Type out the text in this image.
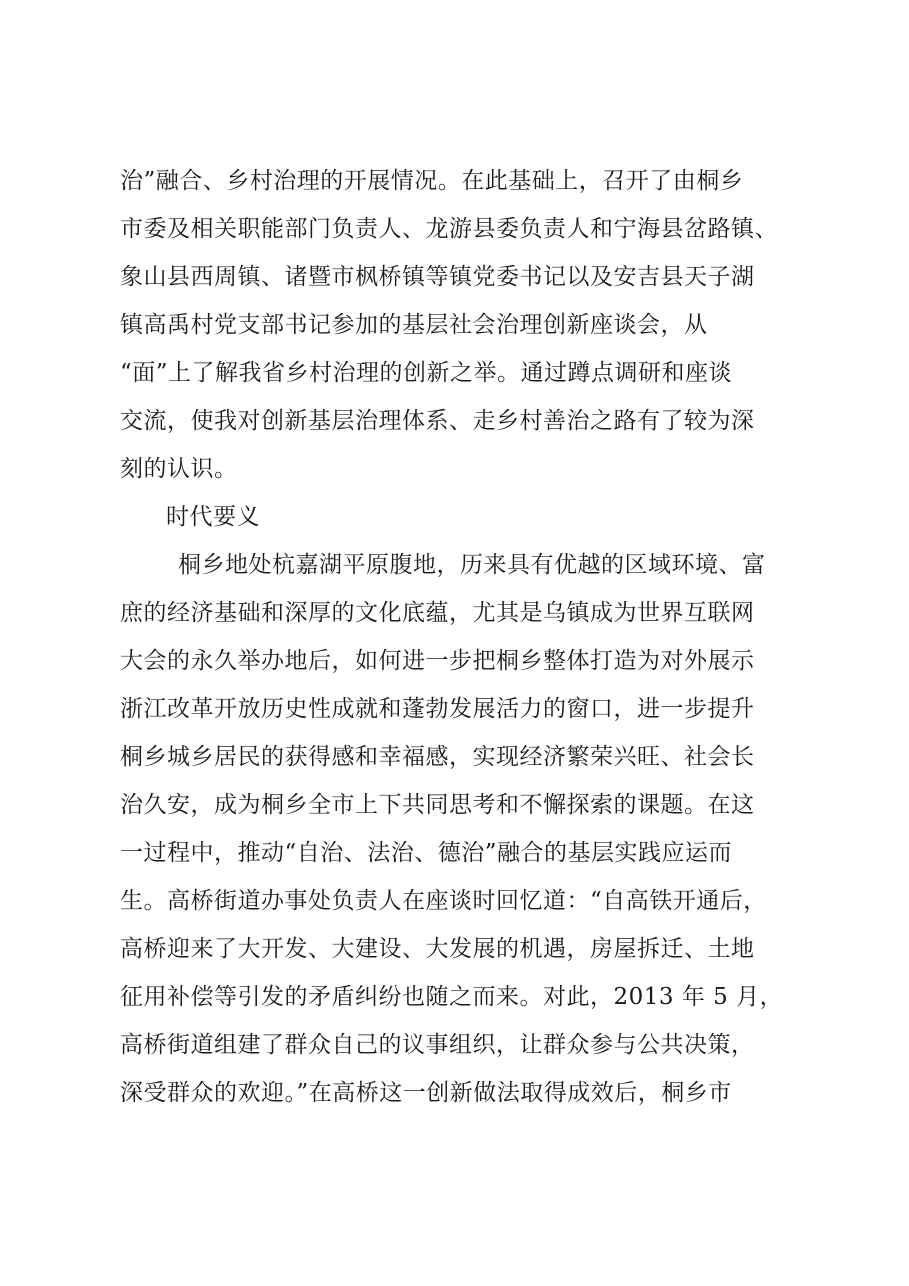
治”融合、乡村治理的开展情况。在此基础上，召开了由桐乡
市委及相关职能部门负责人、龙游县委负责人和宁海县岔路镇、
象山县西周镇、诸暨市枫桥镇等镇党委书记以及安吉县天子湖
镇高禹村党支部书记参加的基层社会治理创新座谈会，从
“面”上了解我省乡村治理的创新之举。通过蹲点调研和座谈
交流，使我对创新基层治理体系、走乡村善治之路有了较为深
刻的认识。
时代要义
桐乡地处杭嘉湖平原腹地，历来具有优越的区域环境、富
庶的经济基础和深厚的文化底蕴，尤其是乌镇成为世界互联网
大会的永久举办地后，如何进一步把桐乡整体打造为对外展示
浙江改革开放历史性成就和蓬勃发展活力的窗口，进一步提升
桐乡城乡居民的获得感和幸福感，实现经济繁荣兴旺、社会长
治久安，成为桐乡全市上下共同思考和不懈探索的课题。在这
一过程中，推动“自治、法治、德治”融合的基层实践应运而
生。高桥街道办事处负责人在座谈时回忆道：“自高铁开通后，
高桥迎来了大开发、大建设、大发展的机遇，房屋拆迁、土地
征用补偿等引发的矛盾纠纷也随之而来。对此，2013 年 5 月，
高桥街道组建了群众自己的议事组织，让群众参与公共决策，
深受群众的欢迎。”在高桥这一创新做法取得成效后，桐乡市
